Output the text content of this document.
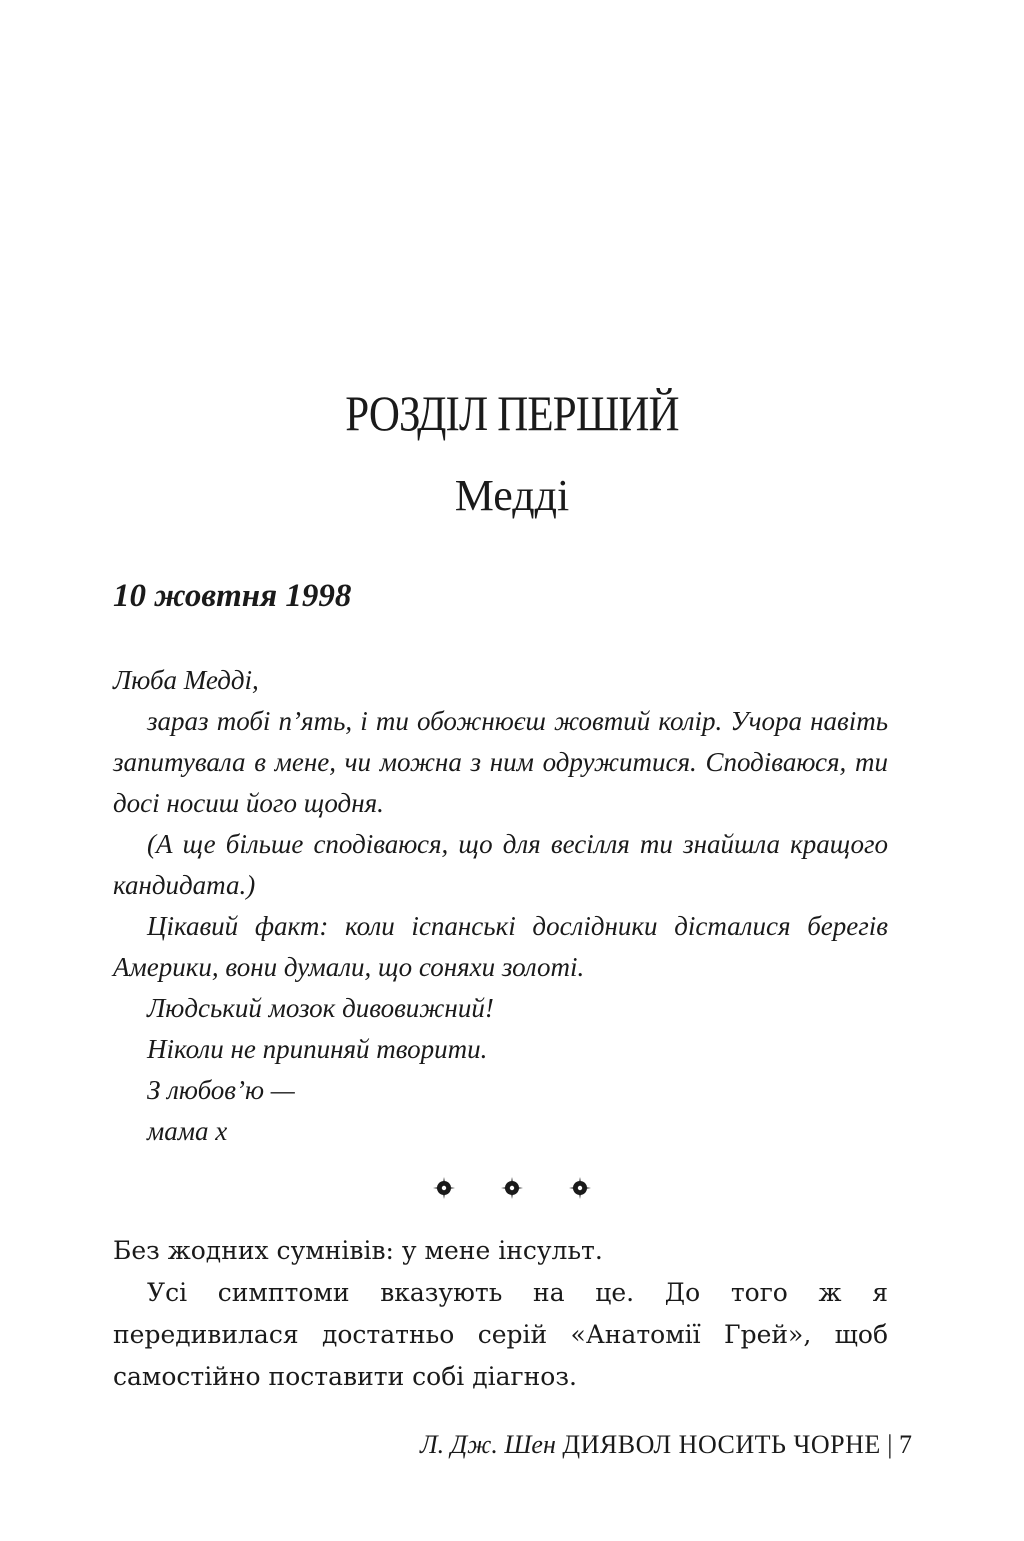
РОЗДІЛ ПЕРШИЙ
Медді
10 жовтня 1998

Люба Медді,

зараз тобі п’ять, і ти обожнюєш жовтий колір. Учора навіть запитувала в мене, чи можна з ним одружитися. Сподіваюся, ти досі носиш його щодня.

(А ще більше сподіваюся, що для весілля ти знайшла кращого кандидата.)

Цікавий факт: коли іспанські дослідники дісталися берегів Америки, вони думали, що соняхи золоті.

Людський мозок дивовижний!

Ніколи не припиняй творити.

З любов’ю —

мама х

Без жодних сумнівів: у мене інсульт.

Усі симптоми вказують на це. До того ж я передивилася достатньо серій «Анатомії Грей», щоб самостійно поставити собі діагноз.

Л. Дж. Шен ДИЯВОЛ НОСИТЬ ЧОРНЕ | 7
